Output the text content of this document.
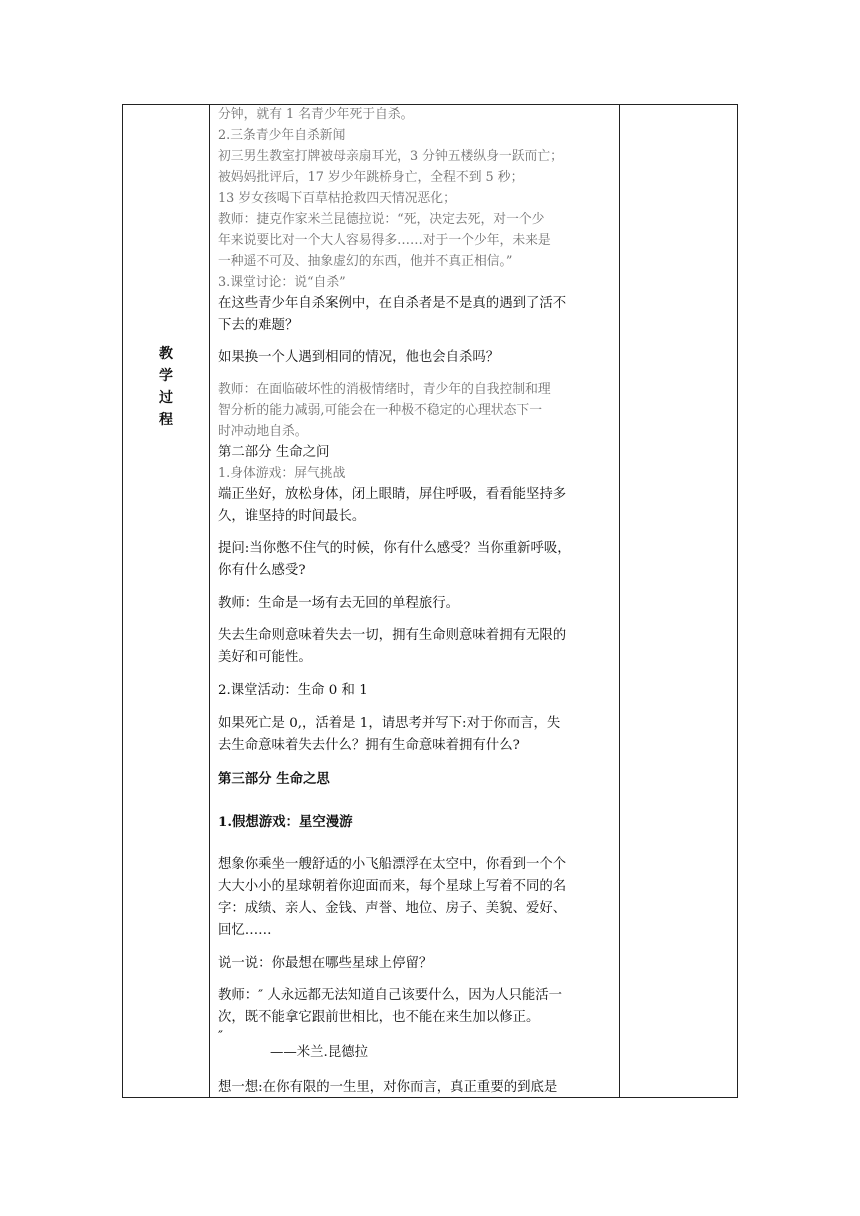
教
学
过
程
分钟，就有 1 名青少年死于自杀。
2.三条青少年自杀新闻
初三男生教室打牌被母亲扇耳光，3 分钟五楼纵身一跃而亡；
被妈妈批评后，17 岁少年跳桥身亡，全程不到 5 秒；
13 岁女孩喝下百草枯抢救四天情况恶化；
教师：捷克作家米兰昆德拉说：“死，决定去死，对一个少
年来说要比对一个大人容易得多……对于一个少年，未来是
一种遥不可及、抽象虚幻的东西，他并不真正相信。”
3.课堂讨论：说“自杀”
在这些青少年自杀案例中，在自杀者是不是真的遇到了活不
下去的难题？
如果换一个人遇到相同的情况，他也会自杀吗？
教师：在面临破坏性的消极情绪时，青少年的自我控制和理
智分析的能力减弱,可能会在一种极不稳定的心理状态下一
时冲动地自杀。
第二部分 生命之问
1.身体游戏：屏气挑战
端正坐好，放松身体，闭上眼睛，屏住呼吸，看看能坚持多
久，谁坚持的时间最长。
提问:当你憋不住气的时候，你有什么感受？当你重新呼吸，
你有什么感受?
教师：生命是一场有去无回的单程旅行。
失去生命则意味着失去一切，拥有生命则意味着拥有无限的
美好和可能性。
2.课堂活动：生命 0 和 1
如果死亡是 0,，活着是 1，请思考并写下:对于你而言，失
去生命意味着失去什么？拥有生命意味着拥有什么?
第三部分 生命之思
1.假想游戏：星空漫游
想象你乘坐一艘舒适的小飞船漂浮在太空中，你看到一个个
大大小小的星球朝着你迎面而来，每个星球上写着不同的名
字：成绩、亲人、金钱、声誉、地位、房子、美貌、爱好、
回忆……
说一说：你最想在哪些星球上停留？
教师：″ 人永远都无法知道自己该要什么，因为人只能活一
次，既不能拿它跟前世相比，也不能在来生加以修正。
″
——米兰.昆德拉
想一想:在你有限的一生里，对你而言，真正重要的到底是
